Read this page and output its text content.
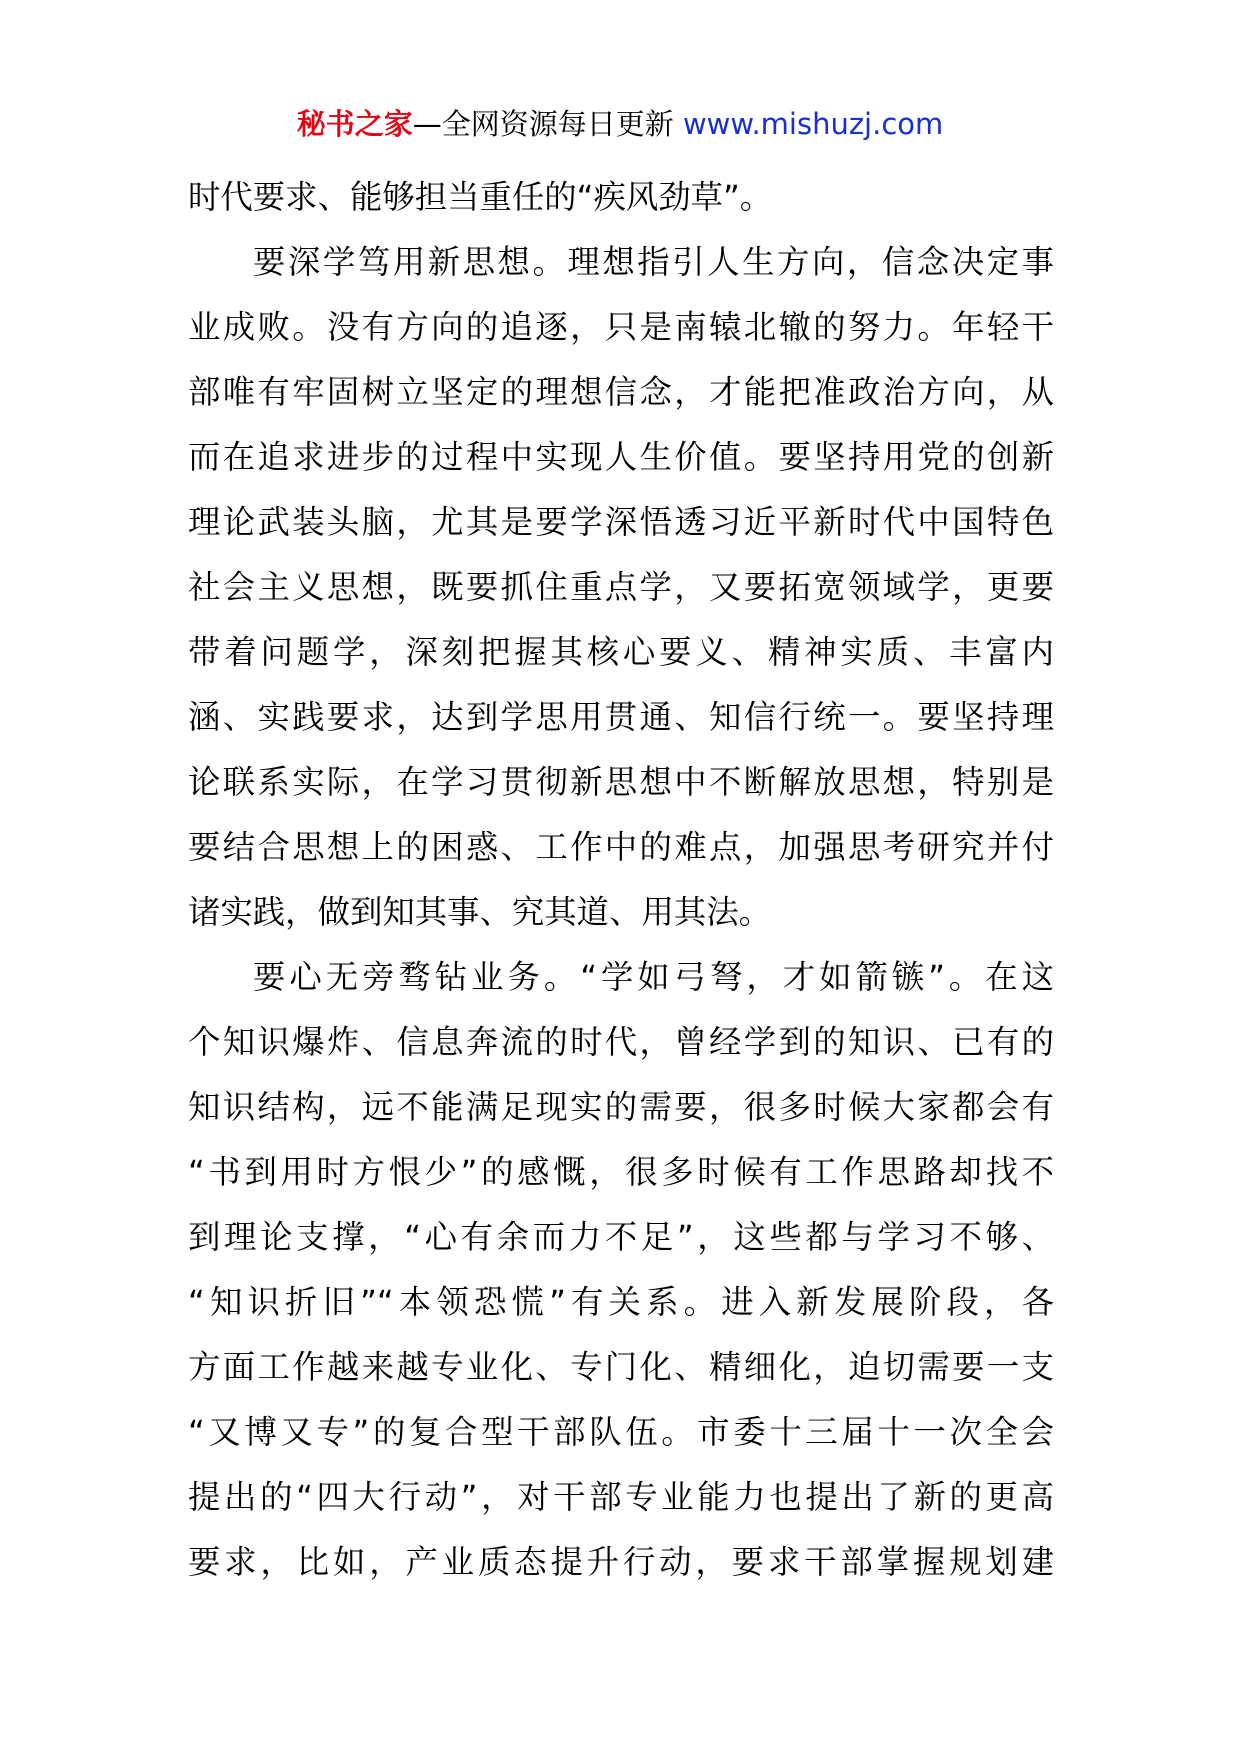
秘书之家—全网资源每日更新 www.mishuzj.com
时代要求、能够担当重任的“疾风劲草”。
要深学笃用新思想。理想指引人生方向，信念决定事
业成败。没有方向的追逐，只是南辕北辙的努力。年轻干
部唯有牢固树立坚定的理想信念，才能把准政治方向，从
而在追求进步的过程中实现人生价值。要坚持用党的创新
理论武装头脑，尤其是要学深悟透习近平新时代中国特色
社会主义思想，既要抓住重点学，又要拓宽领域学，更要
带着问题学，深刻把握其核心要义、精神实质、丰富内
涵、实践要求，达到学思用贯通、知信行统一。要坚持理
论联系实际，在学习贯彻新思想中不断解放思想，特别是
要结合思想上的困惑、工作中的难点，加强思考研究并付
诸实践，做到知其事、究其道、用其法。
要心无旁骛钻业务。“学如弓弩，才如箭镞”。在这
个知识爆炸、信息奔流的时代，曾经学到的知识、已有的
知识结构，远不能满足现实的需要，很多时候大家都会有
“书到用时方恨少”的感慨，很多时候有工作思路却找不
到理论支撑，“心有余而力不足”，这些都与学习不够、
“知识折旧”“本领恐慌”有关系。进入新发展阶段，各
方面工作越来越专业化、专门化、精细化，迫切需要一支
“又博又专”的复合型干部队伍。市委十三届十一次全会
提出的“四大行动”，对干部专业能力也提出了新的更高
要求，比如，产业质态提升行动，要求干部掌握规划建
